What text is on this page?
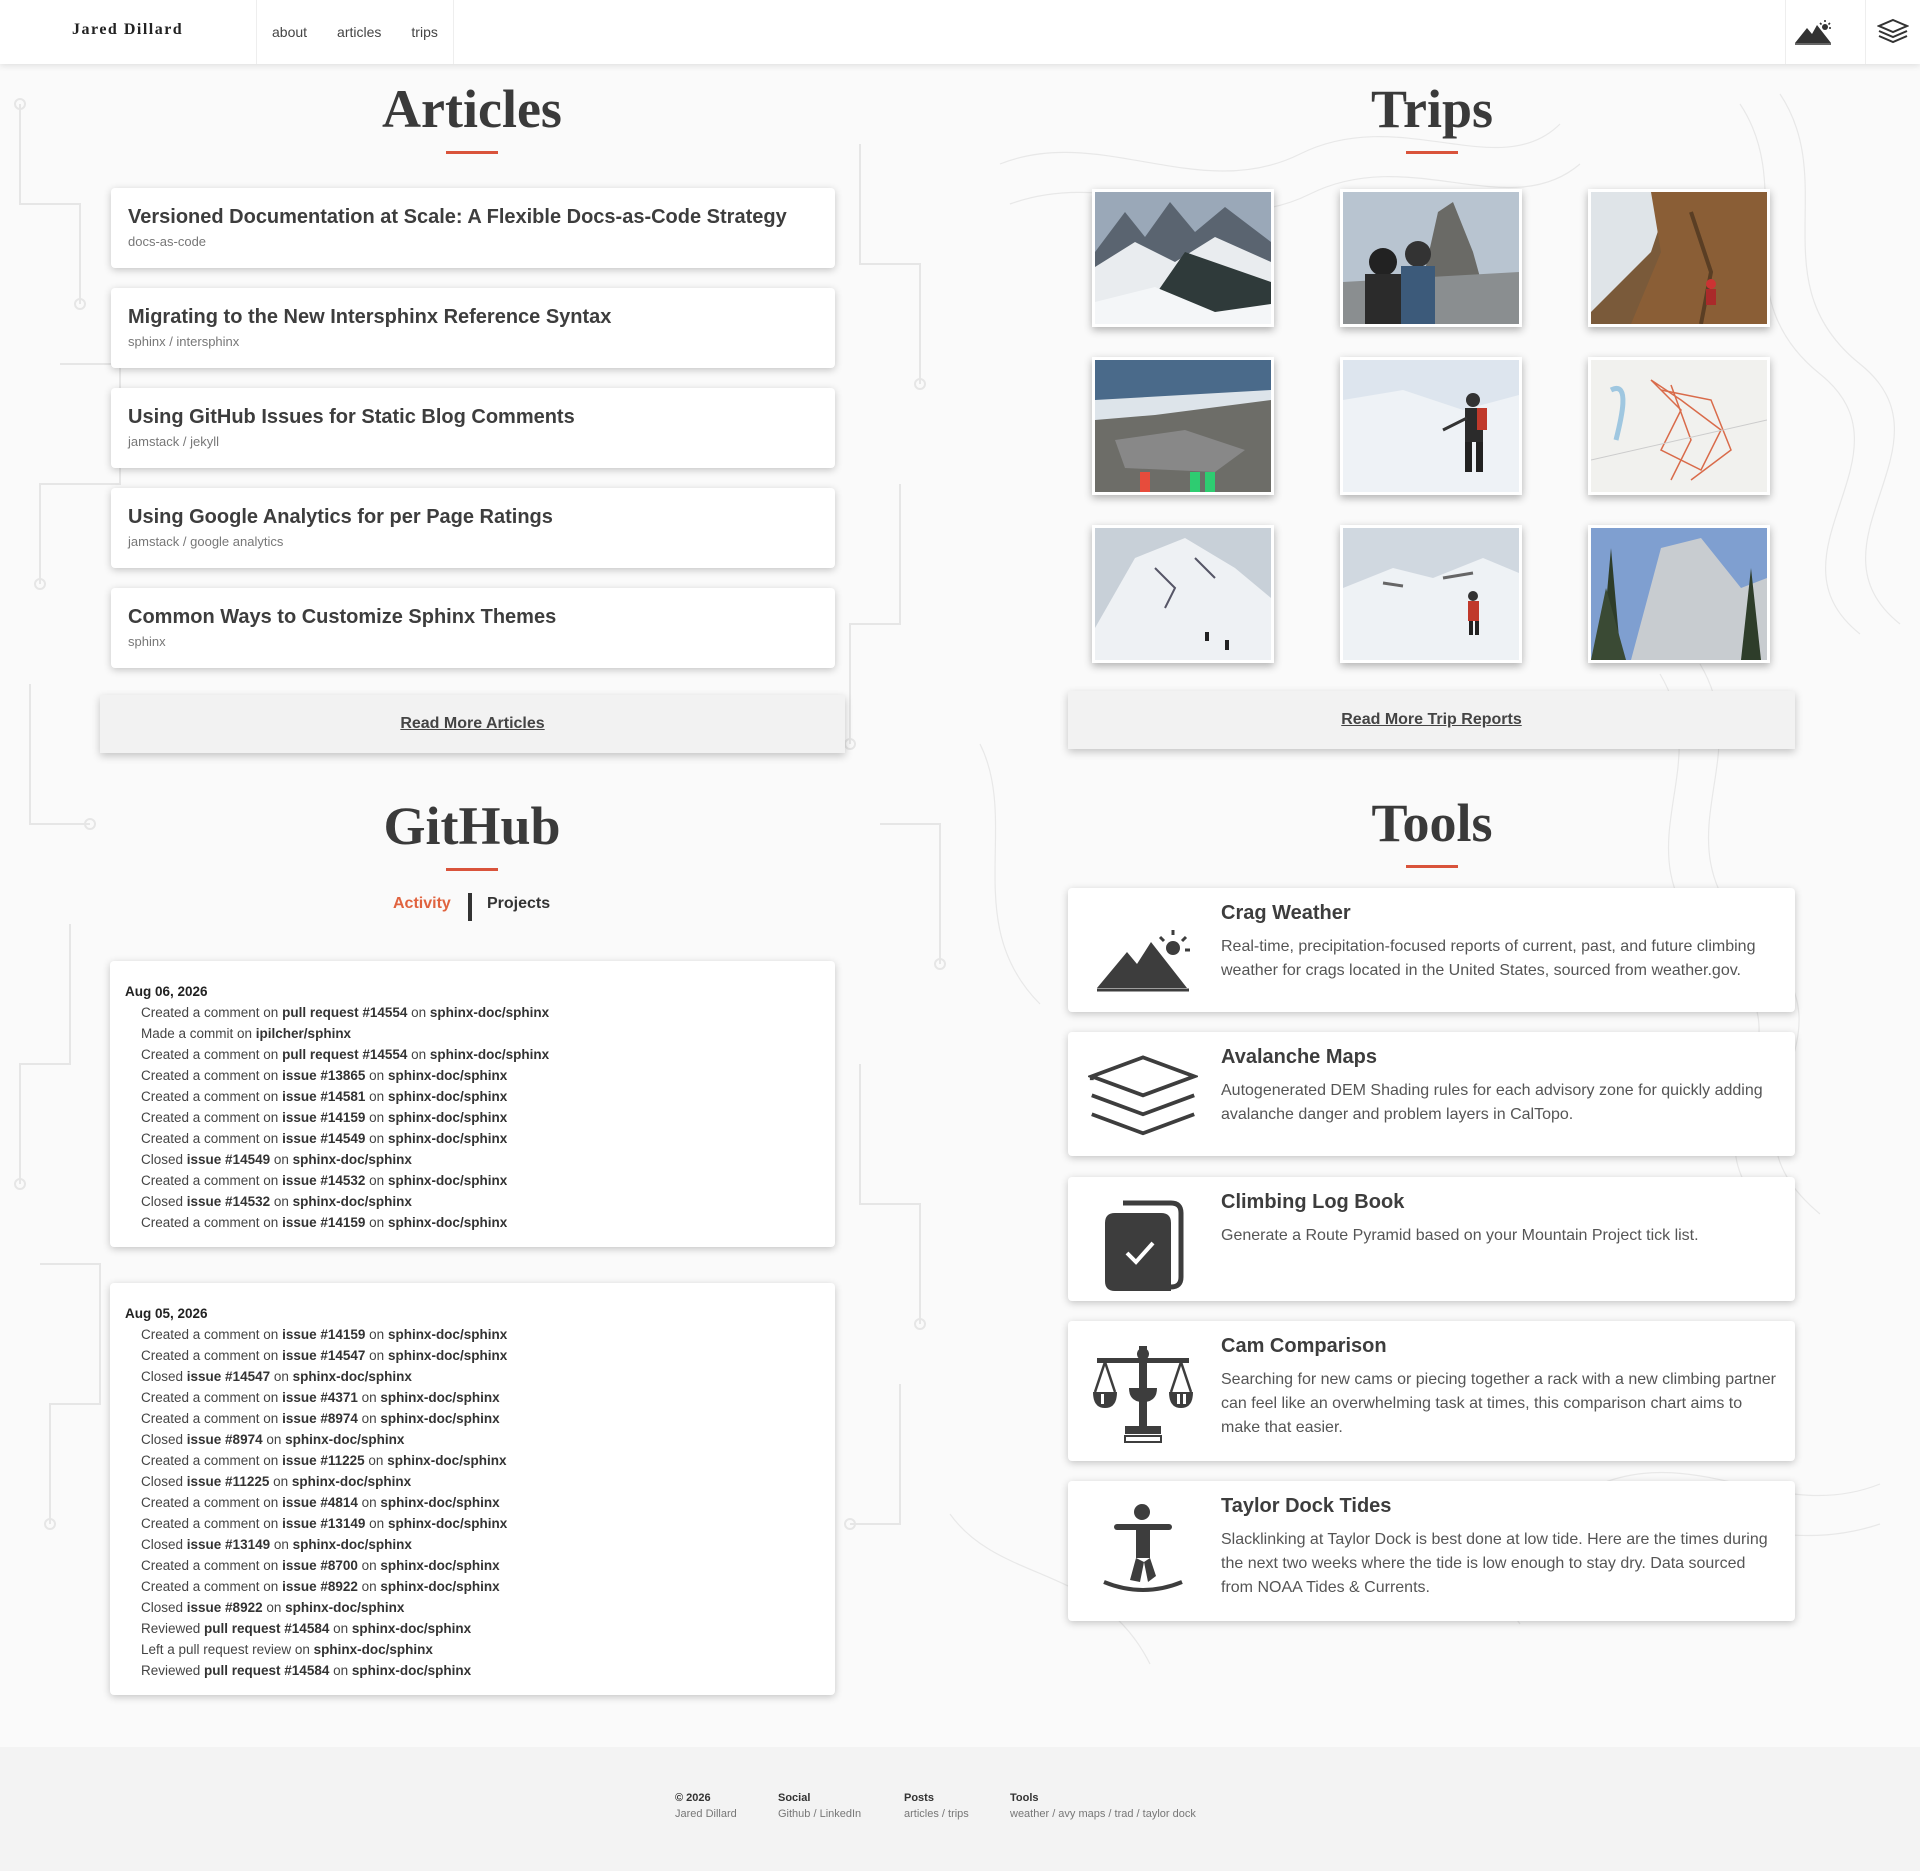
Jared Dillard	about	articles	trips
Articles
Versioned Documentation at Scale: A Flexible Docs-as-Code Strategy
docs-as-code
Migrating to the New Intersphinx Reference Syntax
sphinx / intersphinx
Using GitHub Issues for Static Blog Comments
jamstack / jekyll
Using Google Analytics for per Page Ratings
jamstack / google analytics
Common Ways to Customize Sphinx Themes
sphinx
Read More Articles
Trips
Read More Trip Reports
GitHub
Activity Projects
Aug 06, 2026
Created a comment on pull request #14554 on sphinx-doc/sphinx
Made a commit on ipilcher/sphinx
Created a comment on pull request #14554 on sphinx-doc/sphinx
Created a comment on issue #13865 on sphinx-doc/sphinx
Created a comment on issue #14581 on sphinx-doc/sphinx
Created a comment on issue #14159 on sphinx-doc/sphinx
Created a comment on issue #14549 on sphinx-doc/sphinx
Closed issue #14549 on sphinx-doc/sphinx
Created a comment on issue #14532 on sphinx-doc/sphinx
Closed issue #14532 on sphinx-doc/sphinx
Created a comment on issue #14159 on sphinx-doc/sphinx
Aug 05, 2026
Created a comment on issue #14159 on sphinx-doc/sphinx
Created a comment on issue #14547 on sphinx-doc/sphinx
Closed issue #14547 on sphinx-doc/sphinx
Created a comment on issue #4371 on sphinx-doc/sphinx
Created a comment on issue #8974 on sphinx-doc/sphinx
Closed issue #8974 on sphinx-doc/sphinx
Created a comment on issue #11225 on sphinx-doc/sphinx
Closed issue #11225 on sphinx-doc/sphinx
Created a comment on issue #4814 on sphinx-doc/sphinx
Created a comment on issue #13149 on sphinx-doc/sphinx
Closed issue #13149 on sphinx-doc/sphinx
Created a comment on issue #8700 on sphinx-doc/sphinx
Created a comment on issue #8922 on sphinx-doc/sphinx
Closed issue #8922 on sphinx-doc/sphinx
Reviewed pull request #14584 on sphinx-doc/sphinx
Left a pull request review on sphinx-doc/sphinx
Reviewed pull request #14584 on sphinx-doc/sphinx
Tools
Crag Weather
Real-time, precipitation-focused reports of current, past, and future climbing weather for crags located in the United States, sourced from weather.gov.
Avalanche Maps
Autogenerated DEM Shading rules for each advisory zone for quickly adding avalanche danger and problem layers in CalTopo.
Climbing Log Book
Generate a Route Pyramid based on your Mountain Project tick list.
Cam Comparison
Searching for new cams or piecing together a rack with a new climbing partner can feel like an overwhelming task at times, this comparison chart aims to make that easier.
Taylor Dock Tides
Slacklinking at Taylor Dock is best done at low tide. Here are the times during the next two weeks where the tide is low enough to stay dry. Data sourced from NOAA Tides & Currents.
© 2026
Jared Dillard
Social
Github / LinkedIn
Posts
articles / trips
Tools
weather / avy maps / trad / taylor dock
